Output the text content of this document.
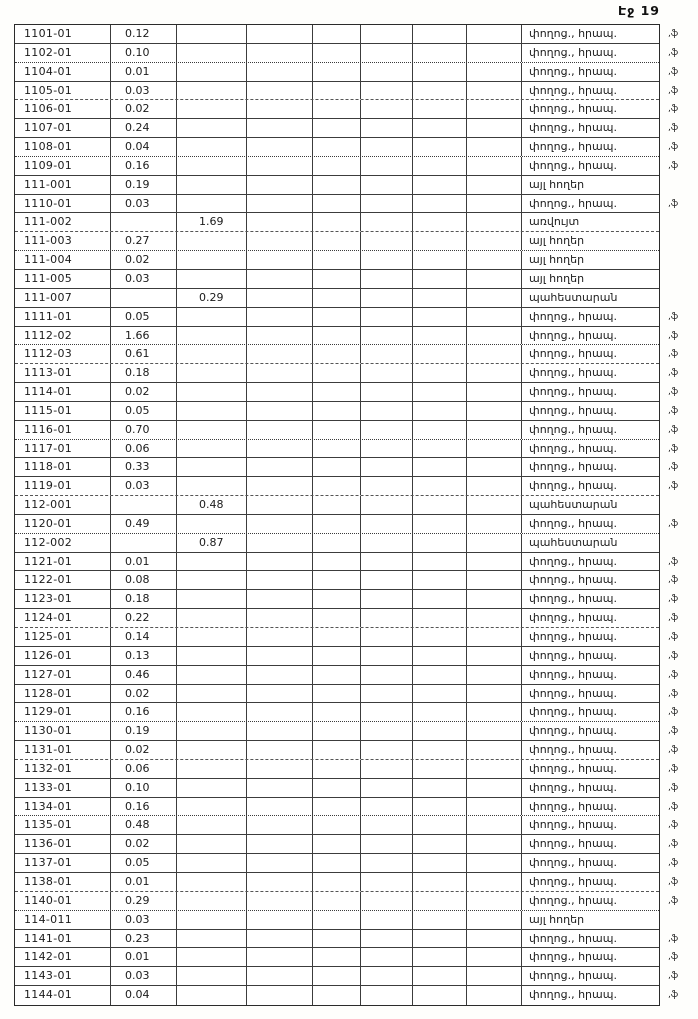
Էջ 19
1101-01	0.12	փողոց., հրապ.	,ֆ
1102-01	0.10	փողոց., հրապ.	,ֆ
1104-01	0.01	փողոց., հրապ.	,ֆ
1105-01	0.03	փողոց., հրապ.	,ֆ
1106-01	0.02	փողոց., հրապ.	,ֆ
1107-01	0.24	փողոց., հրապ.	,ֆ
1108-01	0.04	փողոց., հրապ.	,ֆ
1109-01	0.16	փողոց., հրապ.	,ֆ
111-001	0.19	այլ հողեր
1110-01	0.03	փողոց., հրապ.	,ֆ
111-002	1.69	առվույտ
111-003	0.27	այլ հողեր
111-004	0.02	այլ հողեր
111-005	0.03	այլ հողեր
111-007	0.29	պահեստարան
1111-01	0.05	փողոց., հրապ.	,ֆ
1112-02	1.66	փողոց., հրապ.	,ֆ
1112-03	0.61	փողոց., հրապ.	,ֆ
1113-01	0.18	փողոց., հրապ.	,ֆ
1114-01	0.02	փողոց., հրապ.	,ֆ
1115-01	0.05	փողոց., հրապ.	,ֆ
1116-01	0.70	փողոց., հրապ.	,ֆ
1117-01	0.06	փողոց., հրապ.	,ֆ
1118-01	0.33	փողոց., հրապ.	,ֆ
1119-01	0.03	փողոց., հրապ.	,ֆ
112-001	0.48	պահեստարան
1120-01	0.49	փողոց., հրապ.	,ֆ
112-002	0.87	պահեստարան
1121-01	0.01	փողոց., հրապ.	,ֆ
1122-01	0.08	փողոց., հրապ.	,ֆ
1123-01	0.18	փողոց., հրապ.	,ֆ
1124-01	0.22	փողոց., հրապ.	,ֆ
1125-01	0.14	փողոց., հրապ.	,ֆ
1126-01	0.13	փողոց., հրապ.	,ֆ
1127-01	0.46	փողոց., հրապ.	,ֆ
1128-01	0.02	փողոց., հրապ.	,ֆ
1129-01	0.16	փողոց., հրապ.	,ֆ
1130-01	0.19	փողոց., հրապ.	,ֆ
1131-01	0.02	փողոց., հրապ.	,ֆ
1132-01	0.06	փողոց., հրապ.	,ֆ
1133-01	0.10	փողոց., հրապ.	,ֆ
1134-01	0.16	փողոց., հրապ.	,ֆ
1135-01	0.48	փողոց., հրապ.	,ֆ
1136-01	0.02	փողոց., հրապ.	,ֆ
1137-01	0.05	փողոց., հրապ.	,ֆ
1138-01	0.01	փողոց., հրապ.	,ֆ
1140-01	0.29	փողոց., հրապ.	,ֆ
114-011	0.03	այլ հողեր
1141-01	0.23	փողոց., հրապ.	,ֆ
1142-01	0.01	փողոց., հրապ.	,ֆ
1143-01	0.03	փողոց., հրապ.	,ֆ
1144-01	0.04	փողոց., հրապ.	,ֆ
